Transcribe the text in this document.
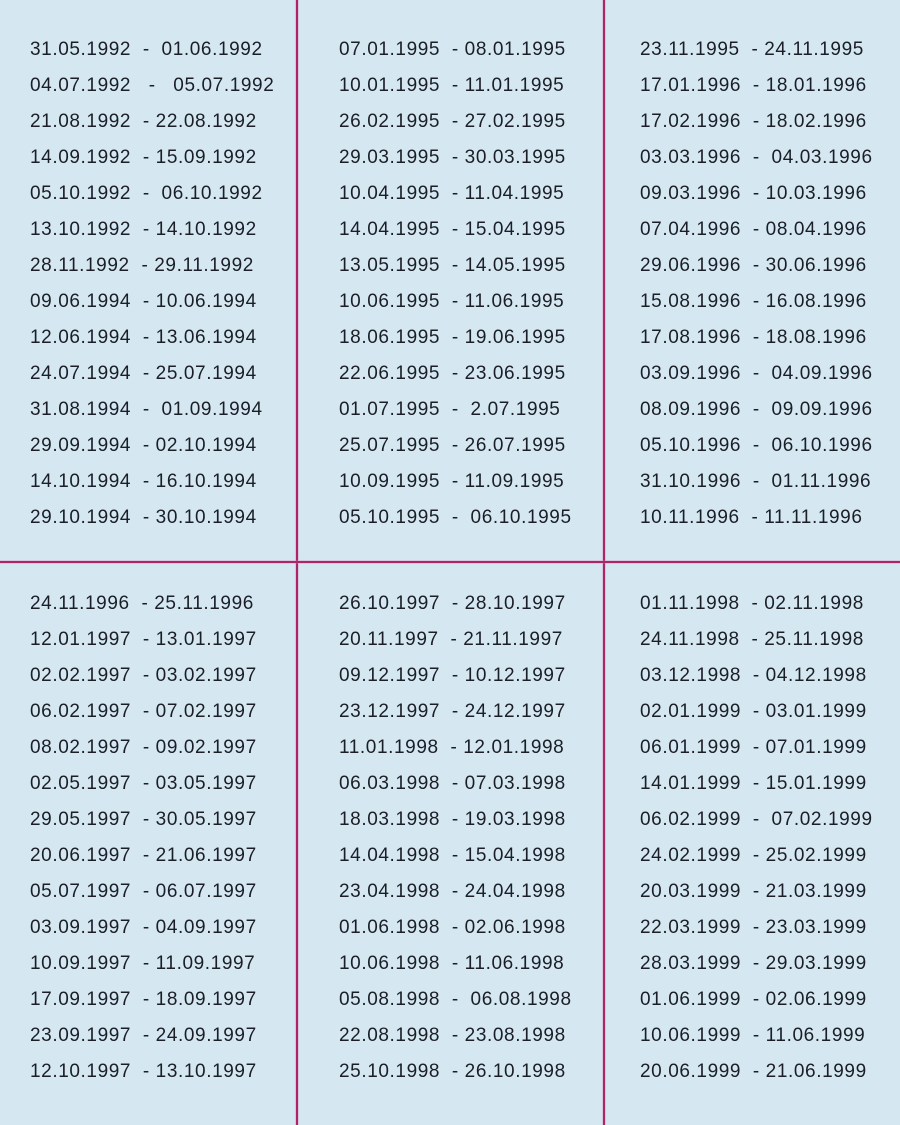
31.05.1992  -  01.06.1992
04.07.1992   -   05.07.1992
21.08.1992  - 22.08.1992
14.09.1992  - 15.09.1992
05.10.1992  -  06.10.1992
13.10.1992  - 14.10.1992
28.11.1992  - 29.11.1992
09.06.1994  - 10.06.1994
12.06.1994  - 13.06.1994
24.07.1994  - 25.07.1994
31.08.1994  -  01.09.1994
29.09.1994  - 02.10.1994
14.10.1994  - 16.10.1994
29.10.1994  - 30.10.1994
07.01.1995  - 08.01.1995
10.01.1995  - 11.01.1995
26.02.1995  - 27.02.1995
29.03.1995  - 30.03.1995
10.04.1995  - 11.04.1995
14.04.1995  - 15.04.1995
13.05.1995  - 14.05.1995
10.06.1995  - 11.06.1995
18.06.1995  - 19.06.1995
22.06.1995  - 23.06.1995
01.07.1995  -  2.07.1995
25.07.1995  - 26.07.1995
10.09.1995  - 11.09.1995
05.10.1995  -  06.10.1995
23.11.1995  - 24.11.1995
17.01.1996  - 18.01.1996
17.02.1996  - 18.02.1996
03.03.1996  -  04.03.1996
09.03.1996  - 10.03.1996
07.04.1996  - 08.04.1996
29.06.1996  - 30.06.1996
15.08.1996  - 16.08.1996
17.08.1996  - 18.08.1996
03.09.1996  -  04.09.1996
08.09.1996  -  09.09.1996
05.10.1996  -  06.10.1996
31.10.1996  -  01.11.1996
10.11.1996  - 11.11.1996
24.11.1996  - 25.11.1996
12.01.1997  - 13.01.1997
02.02.1997  - 03.02.1997
06.02.1997  - 07.02.1997
08.02.1997  - 09.02.1997
02.05.1997  - 03.05.1997
29.05.1997  - 30.05.1997
20.06.1997  - 21.06.1997
05.07.1997  - 06.07.1997
03.09.1997  - 04.09.1997
10.09.1997  - 11.09.1997
17.09.1997  - 18.09.1997
23.09.1997  - 24.09.1997
12.10.1997  - 13.10.1997
26.10.1997  - 28.10.1997
20.11.1997  - 21.11.1997
09.12.1997  - 10.12.1997
23.12.1997  - 24.12.1997
11.01.1998  - 12.01.1998
06.03.1998  - 07.03.1998
18.03.1998  - 19.03.1998
14.04.1998  - 15.04.1998
23.04.1998  - 24.04.1998
01.06.1998  - 02.06.1998
10.06.1998  - 11.06.1998
05.08.1998  -  06.08.1998
22.08.1998  - 23.08.1998
25.10.1998  - 26.10.1998
01.11.1998  - 02.11.1998
24.11.1998  - 25.11.1998
03.12.1998  - 04.12.1998
02.01.1999  - 03.01.1999
06.01.1999  - 07.01.1999
14.01.1999  - 15.01.1999
06.02.1999  -  07.02.1999
24.02.1999  - 25.02.1999
20.03.1999  - 21.03.1999
22.03.1999  - 23.03.1999
28.03.1999  - 29.03.1999
01.06.1999  - 02.06.1999
10.06.1999  - 11.06.1999
20.06.1999  - 21.06.1999
